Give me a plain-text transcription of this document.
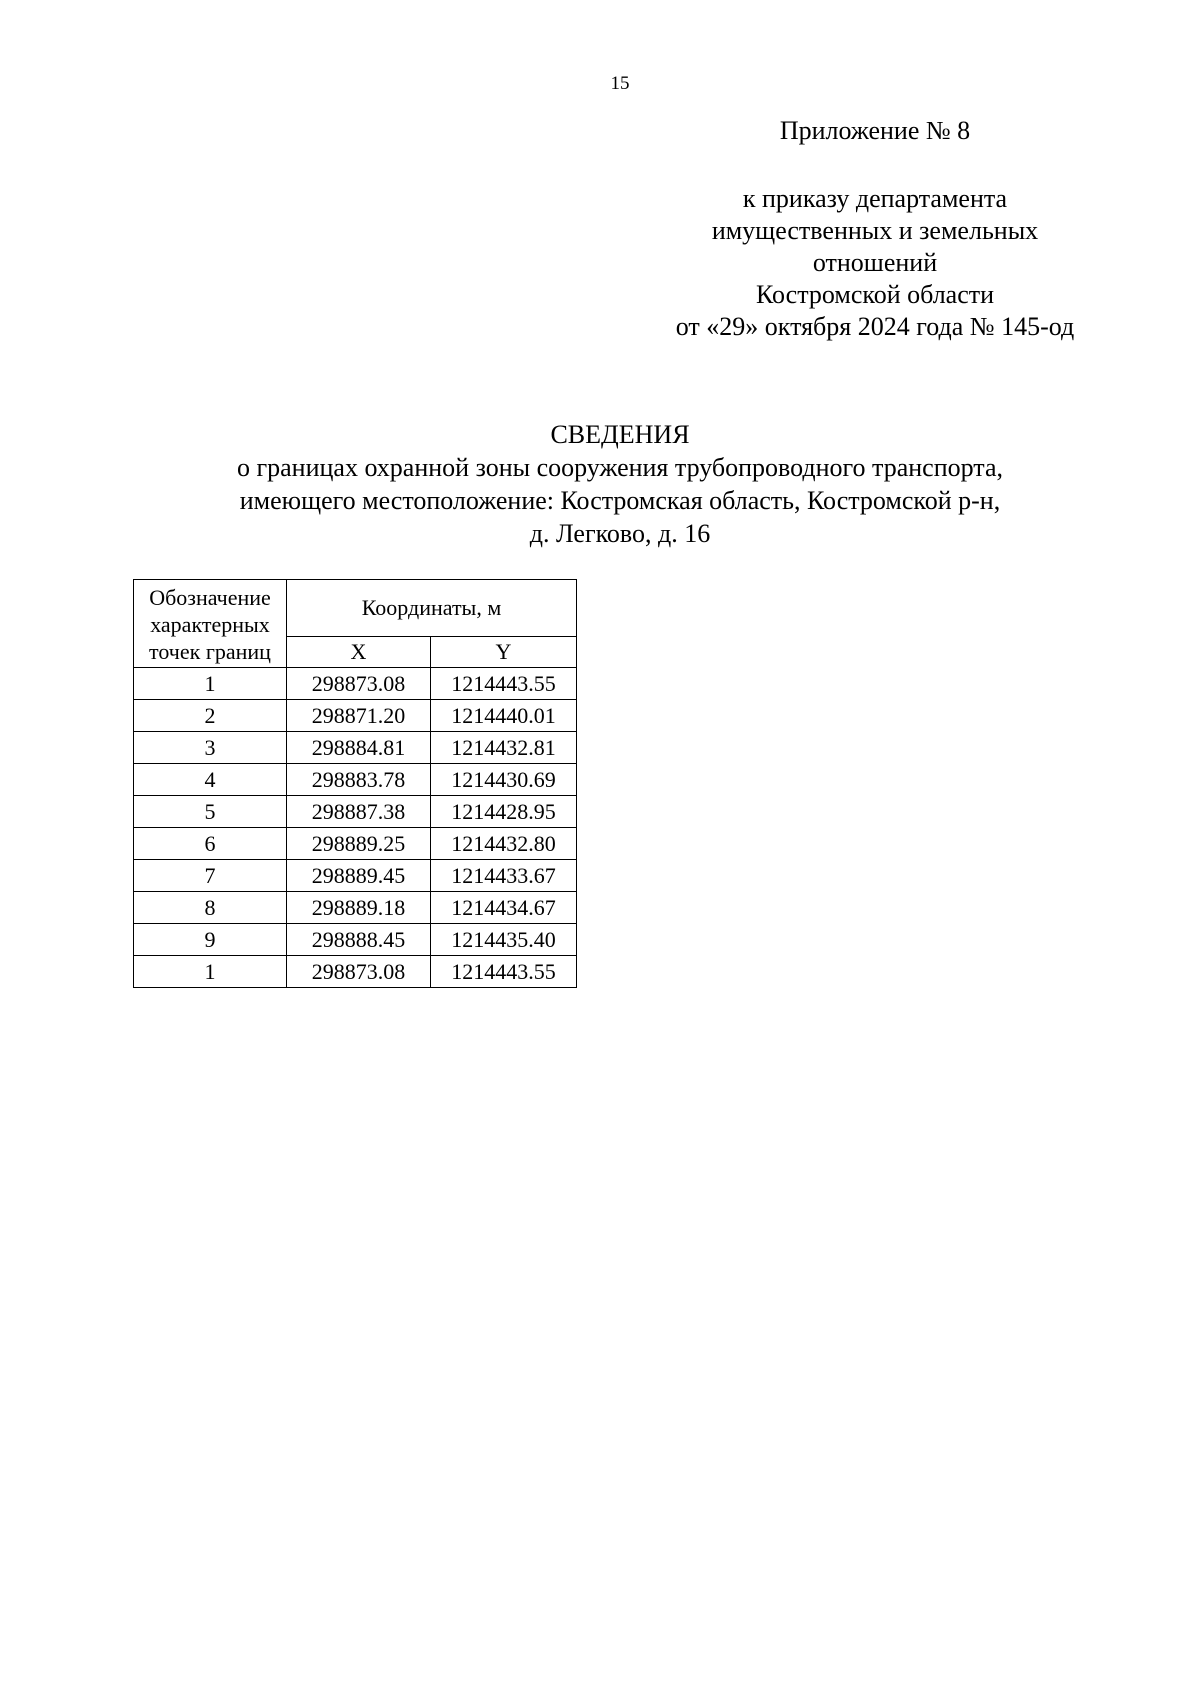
15
Приложение № 8
к приказу департамента
имущественных и земельных
отношений
Костромской области
от «29» октября 2024 года № 145-од
СВЕДЕНИЯ
о границах охранной зоны сооружения трубопроводного транспорта,
имеющего местоположение: Костромская область, Костромской р-н,
д. Легково, д. 16
Обозначение характерных точек границ	Координаты, м	
	X	Y
1	298873.08	1214443.55
2	298871.20	1214440.01
3	298884.81	1214432.81
4	298883.78	1214430.69
5	298887.38	1214428.95
6	298889.25	1214432.80
7	298889.45	1214433.67
8	298889.18	1214434.67
9	298888.45	1214435.40
1	298873.08	1214443.55
